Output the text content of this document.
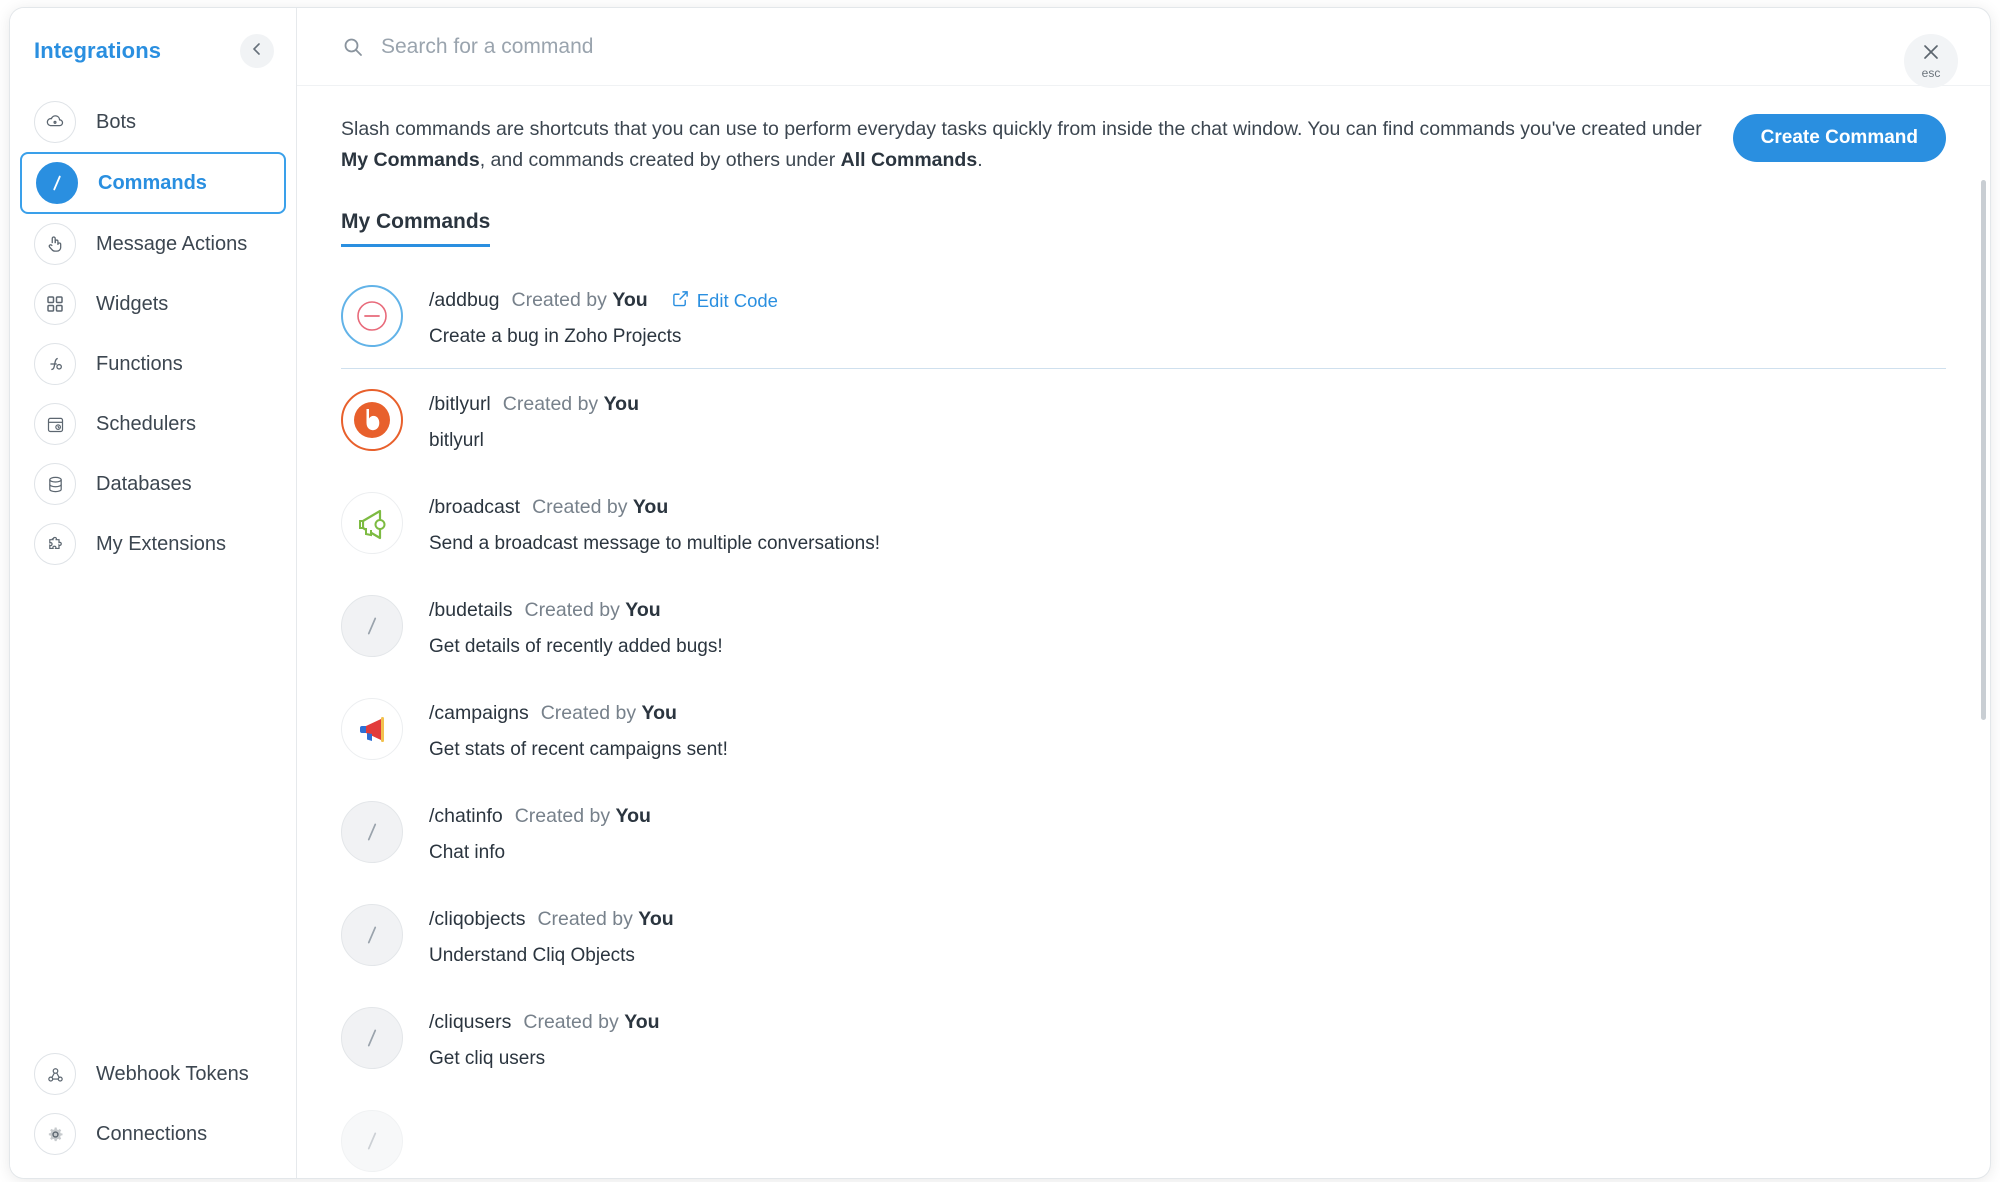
Integrations
Bots
Commands
Message Actions
Widgets
Functions
Schedulers
Databases
My Extensions
Webhook Tokens
Connections
Search for a command
esc
Slash commands are shortcuts that you can use to perform everyday tasks quickly from inside the chat window. You can find commands you've created under My Commands, and commands created by others under All Commands.
Create Command
My Commands
/addbug Created by You	Edit Code
Create a bug in Zoho Projects
/bitlyurl Created by You
bitlyurl
/broadcast Created by You
Send a broadcast message to multiple conversations!
/budetails Created by You
Get details of recently added bugs!
/campaigns Created by You
Get stats of recent campaigns sent!
/chatinfo Created by You
Chat info
/cliqobjects Created by You
Understand Cliq Objects
/cliqusers Created by You
Get cliq users
